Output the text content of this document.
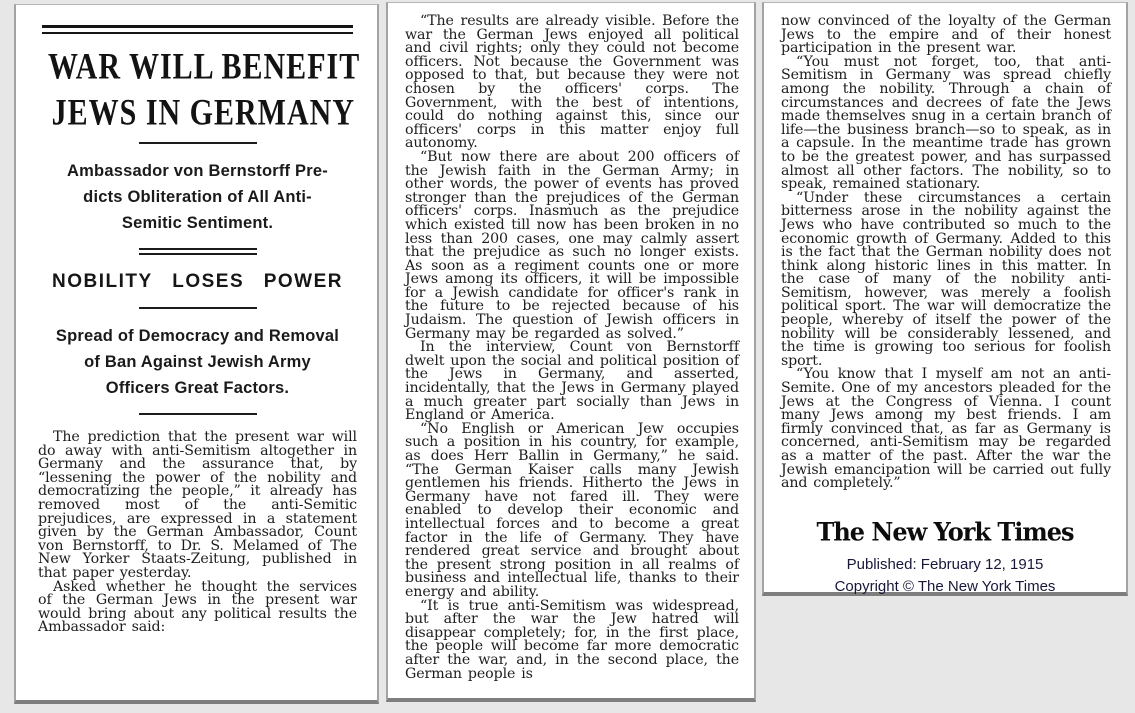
WAR WILL BENEFIT
JEWS IN GERMANY

Ambassador von Bernstorff Pre-
dicts Obliteration of All Anti-
Semitic Sentiment.

NOBILITY LOSES POWER

Spread of Democracy and Removal
of Ban Against Jewish Army
Officers Great Factors.

The prediction that the present war will do away with anti-Semitism altogether in Germany and the assurance that, by “lessening the power of the nobility and democratizing the people,” it already has removed most of the anti-Semitic prejudices, are expressed in a statement given by the German Ambassador, Count von Bernstorff, to Dr. S. Melamed of The New Yorker Staats-Zeitung, published in that paper yesterday.

Asked whether he thought the services of the German Jews in the present war would bring about any political results the Ambassador said:

“The results are already visible. Before the war the German Jews enjoyed all political and civil rights; only they could not become officers. Not because the Government was opposed to that, but because they were not chosen by the officers' corps. The Government, with the best of intentions, could do nothing against this, since our officers' corps in this matter enjoy full autonomy.

“But now there are about 200 officers of the Jewish faith in the German Army; in other words, the power of events has proved stronger than the prejudices of the German officers' corps. Inasmuch as the prejudice which existed till now has been broken in no less than 200 cases, one may calmly assert that the prejudice as such no longer exists. As soon as a regiment counts one or more Jews among its officers, it will be impossible for a Jewish candidate for officer's rank in the future to be rejected because of his Judaism. The question of Jewish officers in Germany may be regarded as solved.”

In the interview, Count von Bernstorff dwelt upon the social and political position of the Jews in Germany, and asserted, incidentally, that the Jews in Germany played a much greater part socially than Jews in England or America.

“No English or American Jew occupies such a position in his country, for example, as does Herr Ballin in Germany,” he said. “The German Kaiser calls many Jewish gentlemen his friends. Hitherto the Jews in Germany have not fared ill. They were enabled to develop their economic and intellectual forces and to become a great factor in the life of Germany. They have rendered great service and brought about the present strong position in all realms of business and intellectual life, thanks to their energy and ability.

“It is true anti-Semitism was widespread, but after the war the Jew hatred will disappear completely; for, in the first place, the people will become far more democratic after the war, and, in the second place, the German people is

now convinced of the loyalty of the German Jews to the empire and of their honest participation in the present war.

“You must not forget, too, that anti-Semitism in Germany was spread chiefly among the nobility. Through a chain of circumstances and decrees of fate the Jews made themselves snug in a certain branch of life—the business branch—so to speak, as in a capsule. In the meantime trade has grown to be the greatest power, and has surpassed almost all other factors. The nobility, so to speak, remained stationary.

“Under these circumstances a certain bitterness arose in the nobility against the Jews who have contributed so much to the economic growth of Germany. Added to this is the fact that the German nobility does not think along historic lines in this matter. In the case of many of the nobility anti-Semitism, however, was merely a foolish political sport. The war will democratize the people, whereby of itself the power of the nobility will be considerably lessened, and the time is growing too serious for foolish sport.

“You know that I myself am not an anti-Semite. One of my ancestors pleaded for the Jews at the Congress of Vienna. I count many Jews among my best friends. I am firmly convinced that, as far as Germany is concerned, anti-Semitism may be regarded as a matter of the past. After the war the Jewish emancipation will be carried out fully and completely.”

The New York Times
Published: February 12, 1915
Copyright © The New York Times
